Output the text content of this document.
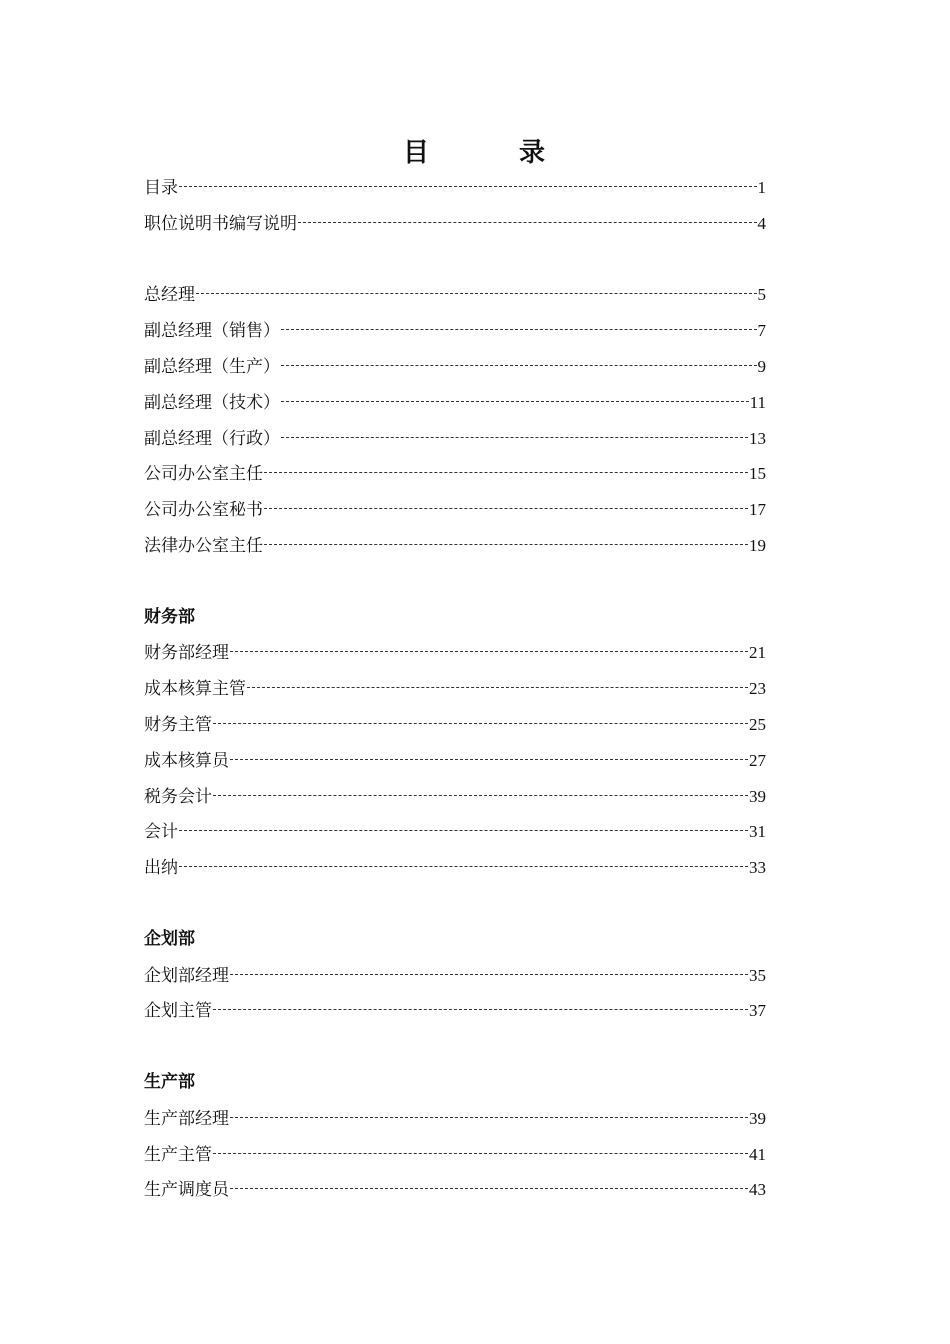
目	录
目录	1
职位说明书编写说明	4
总经理	5
副总经理（销售）	7
副总经理（生产）	9
副总经理（技术）	11
副总经理（行政）	13
公司办公室主任	15
公司办公室秘书	17
法律办公室主任	19
财务部
财务部经理	21
成本核算主管	23
财务主管	25
成本核算员	27
税务会计	39
会计	31
出纳	33
企划部
企划部经理	35
企划主管	37
生产部
生产部经理	39
生产主管	41
生产调度员	43
